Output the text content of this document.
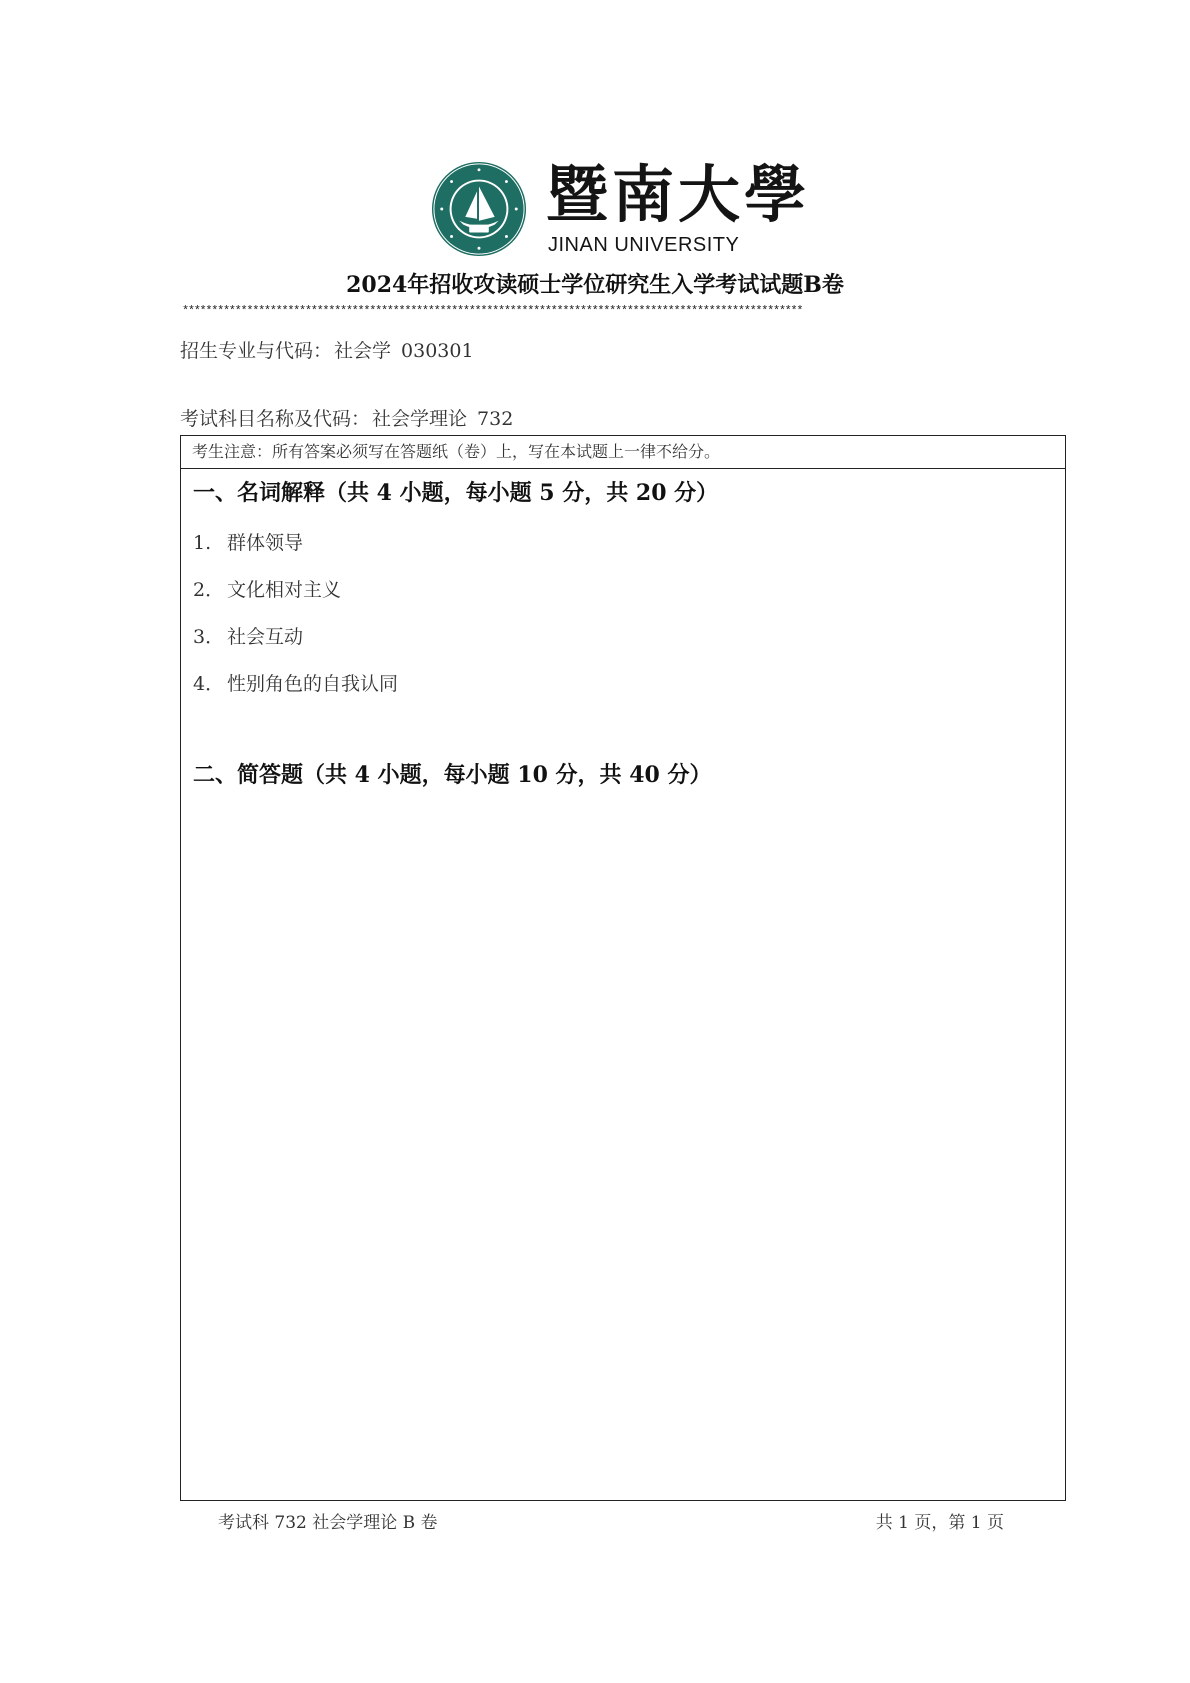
暨南大學
JINAN UNIVERSITY
2024年招收攻读硕士学位研究生入学考试试题B卷
**********************************************************************************************************
招生专业与代码： 社会学 030301
考试科目名称及代码： 社会学理论 732
考生注意：所有答案必须写在答题纸（卷）上，写在本试题上一律不给分。
一、名词解释（共 4 小题，每小题 5 分，共 20 分）
1. 群体领导
2． 文化相对主义
3． 社会互动
4． 性别角色的自我认同
二、简答题（共 4 小题，每小题 10 分，共 40 分）
考试科 732 社会学理论 B 卷	共 1 页，第 1 页
